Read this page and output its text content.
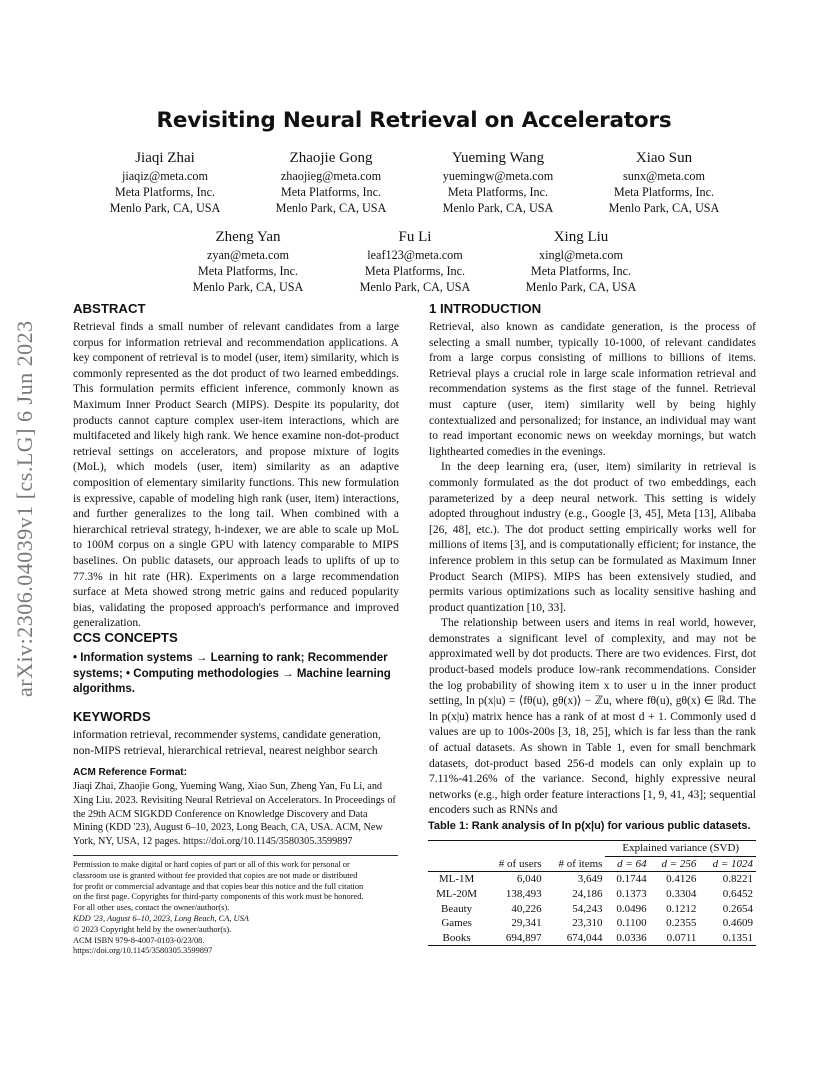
arXiv:2306.04039v1 [cs.LG] 6 Jun 2023
Revisiting Neural Retrieval on Accelerators
Jiaqi Zhai
jiaqiz@meta.com
Meta Platforms, Inc.
Menlo Park, CA, USA
Zhaojie Gong
zhaojieg@meta.com
Meta Platforms, Inc.
Menlo Park, CA, USA
Yueming Wang
yuemingw@meta.com
Meta Platforms, Inc.
Menlo Park, CA, USA
Xiao Sun
sunx@meta.com
Meta Platforms, Inc.
Menlo Park, CA, USA
Zheng Yan
zyan@meta.com
Meta Platforms, Inc.
Menlo Park, CA, USA
Fu Li
leaf123@meta.com
Meta Platforms, Inc.
Menlo Park, CA, USA
Xing Liu
xingl@meta.com
Meta Platforms, Inc.
Menlo Park, CA, USA
ABSTRACT
Retrieval finds a small number of relevant candidates from a large corpus for information retrieval and recommendation applications. A key component of retrieval is to model (user, item) similarity, which is commonly represented as the dot product of two learned embeddings. This formulation permits efficient inference, commonly known as Maximum Inner Product Search (MIPS). Despite its popularity, dot products cannot capture complex user-item interactions, which are multifaceted and likely high rank. We hence examine non-dot-product retrieval settings on accelerators, and propose mixture of logits (MoL), which models (user, item) similarity as an adaptive composition of elementary similarity functions. This new formulation is expressive, capable of modeling high rank (user, item) interactions, and further generalizes to the long tail. When combined with a hierarchical retrieval strategy, h-indexer, we are able to scale up MoL to 100M corpus on a single GPU with latency comparable to MIPS baselines. On public datasets, our approach leads to uplifts of up to 77.3% in hit rate (HR). Experiments on a large recommendation surface at Meta showed strong metric gains and reduced popularity bias, validating the proposed approach's performance and improved generalization.
CCS CONCEPTS
• Information systems → Learning to rank; Recommender systems; • Computing methodologies → Machine learning algorithms.
KEYWORDS
information retrieval, recommender systems, candidate generation, non-MIPS retrieval, hierarchical retrieval, nearest neighbor search
ACM Reference Format:
Jiaqi Zhai, Zhaojie Gong, Yueming Wang, Xiao Sun, Zheng Yan, Fu Li, and Xing Liu. 2023. Revisiting Neural Retrieval on Accelerators. In Proceedings of the 29th ACM SIGKDD Conference on Knowledge Discovery and Data Mining (KDD '23), August 6–10, 2023, Long Beach, CA, USA. ACM, New York, NY, USA, 12 pages. https://doi.org/10.1145/3580305.3599897
Permission to make digital or hard copies of part or all of this work for personal or
classroom use is granted without fee provided that copies are not made or distributed
for profit or commercial advantage and that copies bear this notice and the full citation
on the first page. Copyrights for third-party components of this work must be honored.
For all other uses, contact the owner/author(s).
KDD '23, August 6–10, 2023, Long Beach, CA, USA
© 2023 Copyright held by the owner/author(s).
ACM ISBN 979-8-4007-0103-0/23/08.
https://doi.org/10.1145/3580305.3599897
1 INTRODUCTION

Retrieval, also known as candidate generation, is the process of selecting a small number, typically 10-1000, of relevant candidates from a large corpus consisting of millions to billions of items. Retrieval plays a crucial role in large scale information retrieval and recommendation systems as the first stage of the funnel. Retrieval must capture (user, item) similarity well by being highly contextualized and personalized; for instance, an individual may want to read important economic news on weekday mornings, but watch lighthearted comedies in the evenings.

In the deep learning era, (user, item) similarity in retrieval is commonly formulated as the dot product of two embeddings, each parameterized by a deep neural network. This setting is widely adopted throughout industry (e.g., Google [3, 45], Meta [13], Alibaba [26, 48], etc.). The dot product setting empirically works well for millions of items [3], and is computationally efficient; for instance, the inference problem in this setup can be formulated as Maximum Inner Product Search (MIPS). MIPS has been extensively studied, and permits various optimizations such as locality sensitive hashing and product quantization [10, 33].

The relationship between users and items in real world, however, demonstrates a significant level of complexity, and may not be approximated well by dot products. There are two evidences. First, dot product-based models produce low-rank recommendations. Consider the log probability of showing item x to user u in the inner product setting, ln p(x|u) = ⟨fθ(u), gθ(x)⟩ − ℤu, where fθ(u), gθ(x) ∈ ℝd. The ln p(x|u) matrix hence has a rank of at most d + 1. Commonly used d values are up to 100s-200s [3, 18, 25], which is far less than the rank of actual datasets. As shown in Table 1, even for small benchmark datasets, dot-product based 256-d models can only explain up to 7.11%-41.26% of the variance. Second, highly expressive neural networks (e.g., high order feature interactions [1, 9, 41, 43]; sequential encoders such as RNNs and

Table 1: Rank analysis of ln p(x|u) for various public datasets.
			Explained variance (SVD)		
	# of users	# of items	d = 64	d = 256	d = 1024
ML-1M	6,040	3,649	0.1744	0.4126	0.8221
ML-20M	138,493	24,186	0.1373	0.3304	0.6452
Beauty	40,226	54,243	0.0496	0.1212	0.2654
Games	29,341	23,310	0.1100	0.2355	0.4609
Books	694,897	674,044	0.0336	0.0711	0.1351
